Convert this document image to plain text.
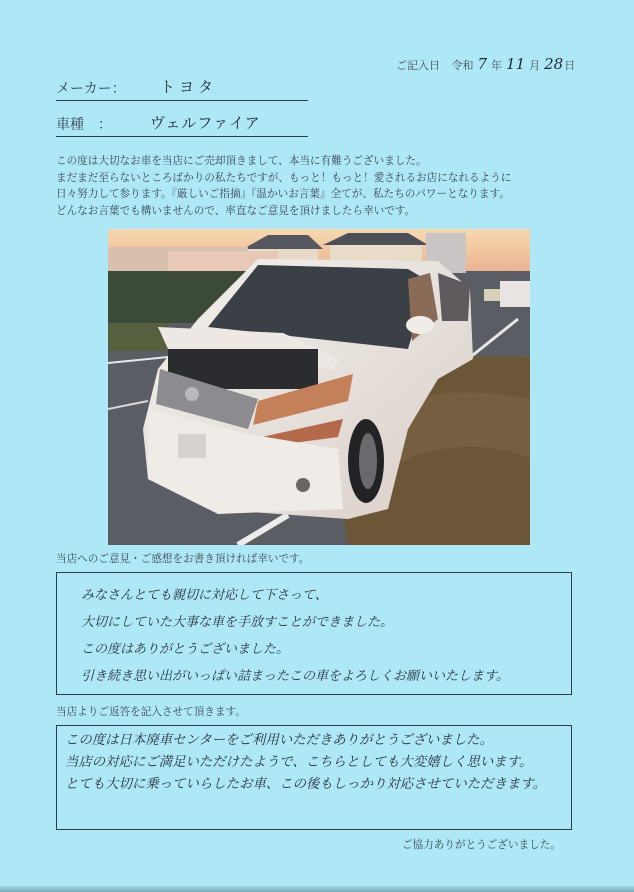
ご記入日 令和 7 年 11 月 28日
メーカー： トヨタ
車種　：	ヴェルファイア

この度は大切なお車を当店にご売却頂きまして、本当に有難うございました。

まだまだ至らないところばかりの私たちですが、もっと！もっと！愛されるお店になれるように

日々努力して参ります。『厳しいご指摘』『温かいお言葉』全てが、私たちのパワーとなります。

どんなお言葉でも構いませんので、率直なご意見を頂けましたら幸いです。

当店へのご意見・ご感想をお書き頂ければ幸いです。

みなさんとても親切に対応して下さって、

大切にしていた大事な車を手放すことができました。

この度はありがとうございました。

引き続き思い出がいっぱい詰まったこの車をよろしくお願いいたします。

当店よりご返答を記入させて頂きます。

この度は日本廃車センターをご利用いただきありがとうございました。

当店の対応にご満足いただけたようで、こちらとしても大変嬉しく思います。

とても大切に乗っていらしたお車、この後もしっかり対応させていただきます。

ご協力ありがとうございました。
